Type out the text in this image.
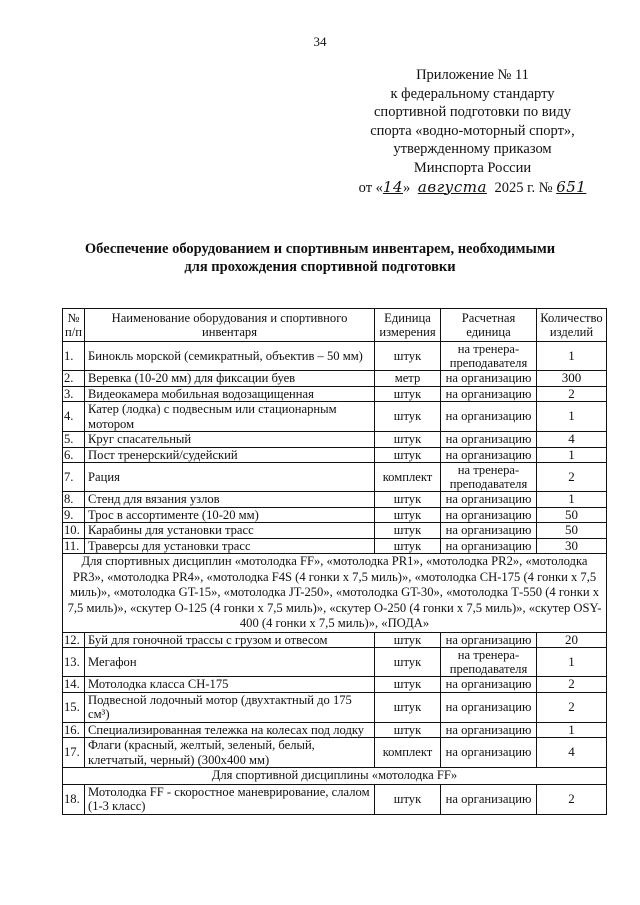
34
Приложение № 11
к федеральному стандарту
спортивной подготовки по виду
спорта «водно-моторный спорт»,
утвержденному приказом
Минспорта России
от «14» августа 2025 г. № 651
Обеспечение оборудованием и спортивным инвентарем, необходимыми
для прохождения спортивной подготовки
№ п/п	Наименование оборудования и спортивного инвентаря	Единица измерения	Расчетная единица	Количество изделий
1.	Бинокль морской (семикратный, объектив – 50 мм)	штук	на тренера-преподавателя	1
2.	Веревка (10-20 мм) для фиксации буев	метр	на организацию	300
3.	Видеокамера мобильная водозащищенная	штук	на организацию	2
4.	Катер (лодка) с подвесным или стационарным мотором	штук	на организацию	1
5.	Круг спасательный	штук	на организацию	4
6.	Пост тренерский/судейский	штук	на организацию	1
7.	Рация	комплект	на тренера-преподавателя	2
8.	Стенд для вязания узлов	штук	на организацию	1
9.	Трос в ассортименте (10-20 мм)	штук	на организацию	50
10.	Карабины для установки трасс	штук	на организацию	50
11.	Траверсы для установки трасс	штук	на организацию	30
Для спортивных дисциплин «мотолодка FF», «мотолодка PR1», «мотолодка PR2», «мотолодка PR3», «мотолодка PR4», «мотолодка F4S (4 гонки х 7,5 миль)», «мотолодка СН-175 (4 гонки х 7,5 миль)», «мотолодка GT-15», «мотолодка JT-250», «мотолодка GT-30», «мотолодка Т-550 (4 гонки х 7,5 миль)», «скутер О-125 (4 гонки х 7,5 миль)», «скутер О-250 (4 гонки х 7,5 миль)», «скутер OSY-400 (4 гонки х 7,5 миль)», «ПОДА»				
12.	Буй для гоночной трассы с грузом и отвесом	штук	на организацию	20
13.	Мегафон	штук	на тренера-преподавателя	1
14.	Мотолодка класса СН-175	штук	на организацию	2
15.	Подвесной лодочный мотор (двухтактный до 175 см³)	штук	на организацию	2
16.	Специализированная тележка на колесах под лодку	штук	на организацию	1
17.	Флаги (красный, желтый, зеленый, белый, клетчатый, черный) (300х400 мм)	комплект	на организацию	4
Для спортивной дисциплины «мотолодка FF»				
18.	Мотолодка FF - скоростное маневрирование, слалом (1-3 класс)	штук	на организацию	2
